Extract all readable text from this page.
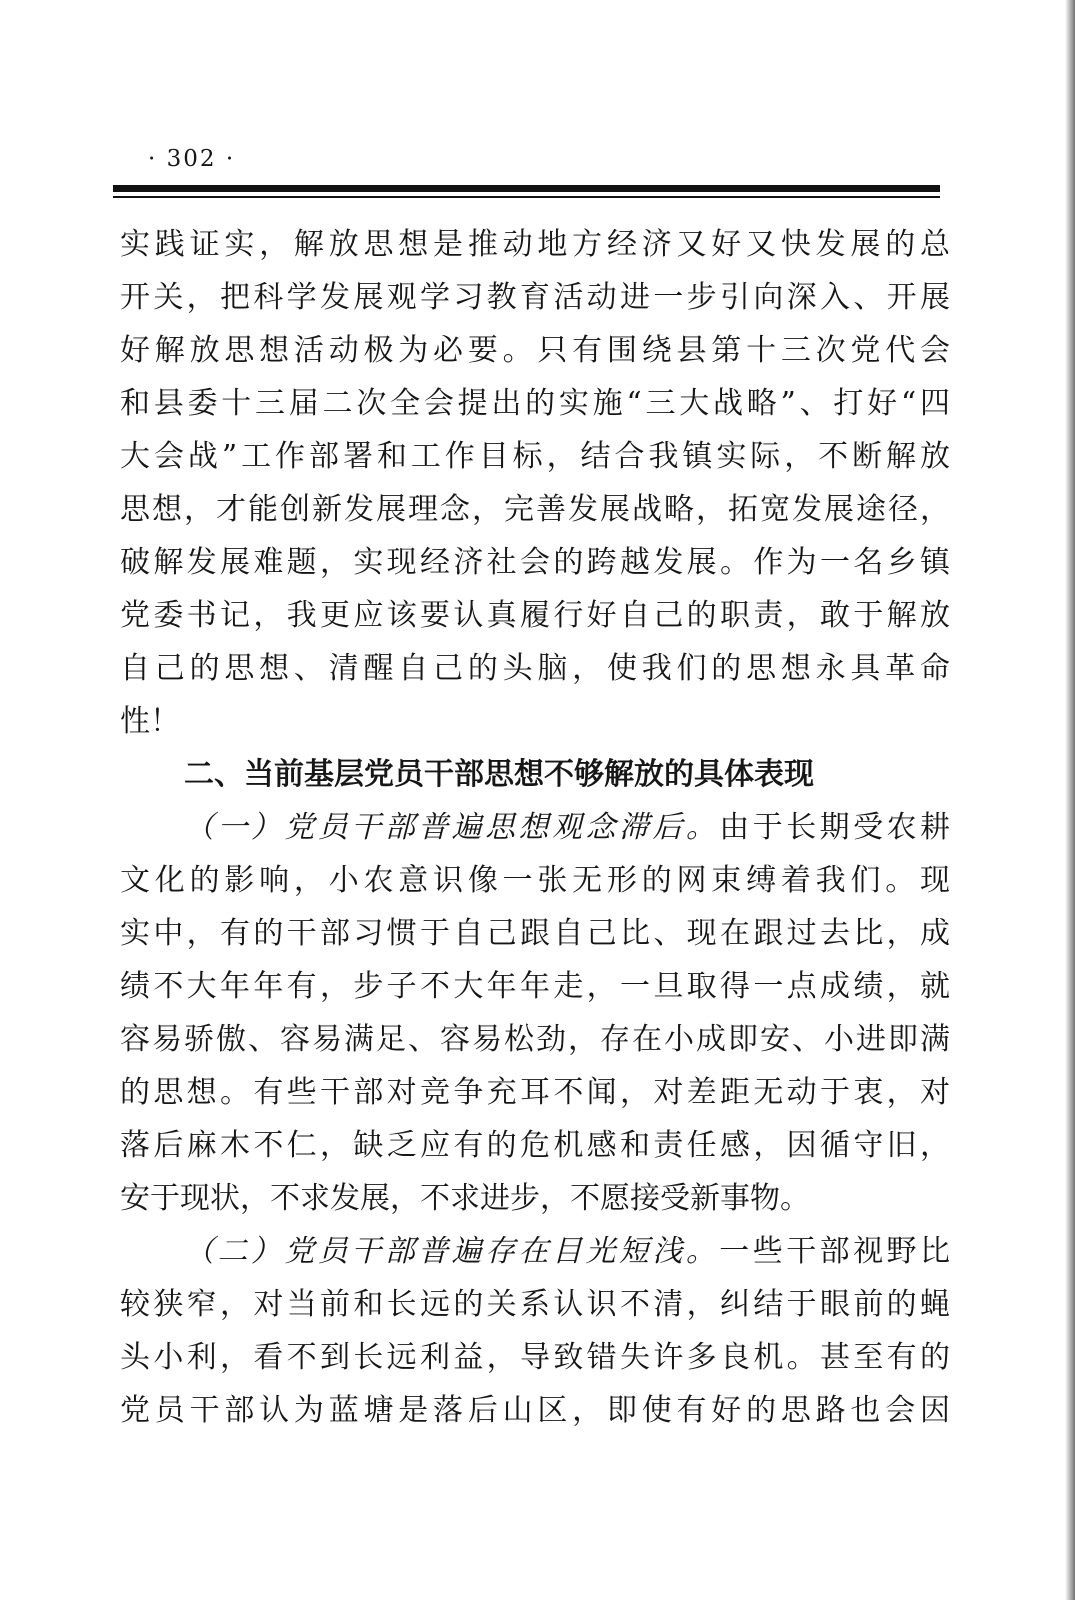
· 302 ·
实践证实，解放思想是推动地方经济又好又快发展的总
开关，把科学发展观学习教育活动进一步引向深入、开展
好解放思想活动极为必要。只有围绕县第十三次党代会
和县委十三届二次全会提出的实施“三大战略”、打好“四
大会战”工作部署和工作目标，结合我镇实际，不断解放
思想，才能创新发展理念，完善发展战略，拓宽发展途径，
破解发展难题，实现经济社会的跨越发展。作为一名乡镇
党委书记，我更应该要认真履行好自己的职责，敢于解放
自己的思想、清醒自己的头脑，使我们的思想永具革命
性！
二、当前基层党员干部思想不够解放的具体表现
（一）党员干部普遍思想观念滞后。由于长期受农耕
文化的影响，小农意识像一张无形的网束缚着我们。现
实中，有的干部习惯于自己跟自己比、现在跟过去比，成
绩不大年年有，步子不大年年走，一旦取得一点成绩，就
容易骄傲、容易满足、容易松劲，存在小成即安、小进即满
的思想。有些干部对竞争充耳不闻，对差距无动于衷，对
落后麻木不仁，缺乏应有的危机感和责任感，因循守旧，
安于现状，不求发展，不求进步，不愿接受新事物。
（二）党员干部普遍存在目光短浅。一些干部视野比
较狭窄，对当前和长远的关系认识不清，纠结于眼前的蝇
头小利，看不到长远利益，导致错失许多良机。甚至有的
党员干部认为蓝塘是落后山区，即使有好的思路也会因
